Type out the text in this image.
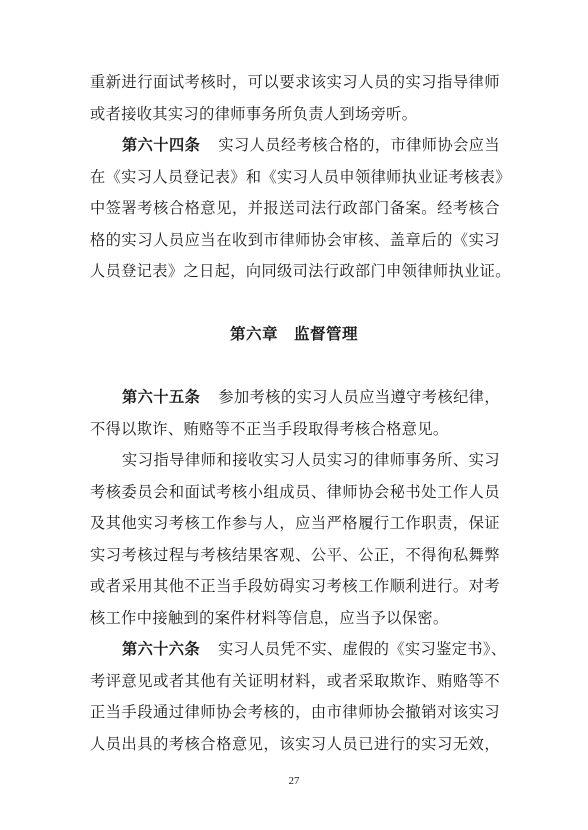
重新进行面试考核时，可以要求该实习人员的实习指导律师
或者接收其实习的律师事务所负责人到场旁听。
第六十四条 实习人员经考核合格的，市律师协会应当
在《实习人员登记表》和《实习人员申领律师执业证考核表》
中签署考核合格意见，并报送司法行政部门备案。经考核合
格的实习人员应当在收到市律师协会审核、盖章后的《实习
人员登记表》之日起，向同级司法行政部门申领律师执业证。
第六章 监督管理
第六十五条 参加考核的实习人员应当遵守考核纪律，
不得以欺诈、贿赂等不正当手段取得考核合格意见。
实习指导律师和接收实习人员实习的律师事务所、实习
考核委员会和面试考核小组成员、律师协会秘书处工作人员
及其他实习考核工作参与人，应当严格履行工作职责，保证
实习考核过程与考核结果客观、公平、公正，不得徇私舞弊
或者采用其他不正当手段妨碍实习考核工作顺利进行。对考
核工作中接触到的案件材料等信息，应当予以保密。
第六十六条 实习人员凭不实、虚假的《实习鉴定书》、
考评意见或者其他有关证明材料，或者采取欺诈、贿赂等不
正当手段通过律师协会考核的，由市律师协会撤销对该实习
人员出具的考核合格意见，该实习人员已进行的实习无效，
27
